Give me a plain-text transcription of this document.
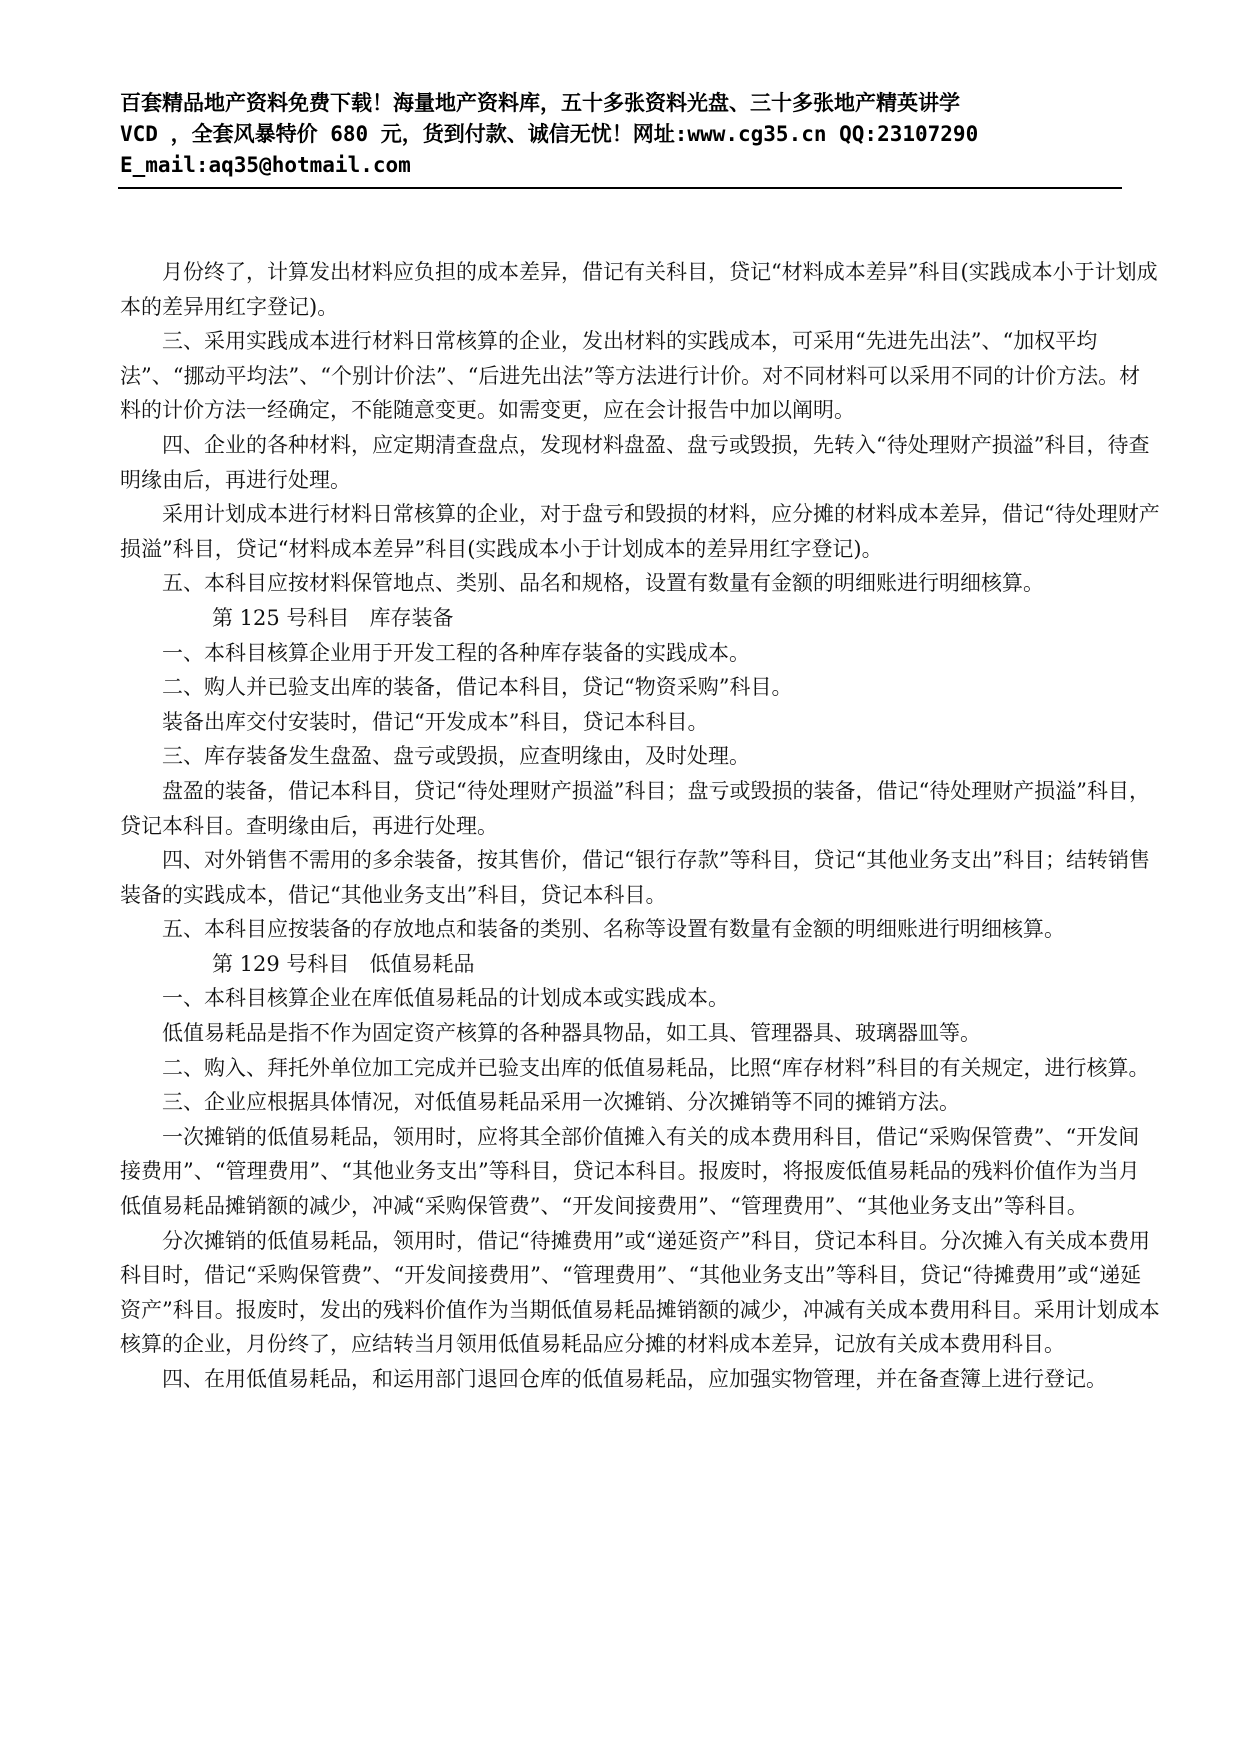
百套精品地产资料免费下载！海量地产资料库，五十多张资料光盘、三十多张地产精英讲学
VCD ，全套风暴特价 680 元，货到付款、诚信无忧！网址:www.cg35.cn QQ:23107290
E_mail:aq35@hotmail.com

月份终了，计算发出材料应负担的成本差异，借记有关科目，贷记“材料成本差异”科目(实践成本小于计划成本的差异用红字登记)。

三、采用实践成本进行材料日常核算的企业，发出材料的实践成本，可采用“先进先出法”、“加权平均法”、“挪动平均法”、“个别计价法”、“后进先出法”等方法进行计价。对不同材料可以采用不同的计价方法。材料的计价方法一经确定，不能随意变更。如需变更，应在会计报告中加以阐明。

四、企业的各种材料，应定期清查盘点，发现材料盘盈、盘亏或毁损，先转入“待处理财产损溢”科目，待查明缘由后，再进行处理。

采用计划成本进行材料日常核算的企业，对于盘亏和毁损的材料，应分摊的材料成本差异，借记“待处理财产损溢”科目，贷记“材料成本差异”科目(实践成本小于计划成本的差异用红字登记)。

五、本科目应按材料保管地点、类别、品名和规格，设置有数量有金额的明细账进行明细核算。

第 125 号科目   库存装备

一、本科目核算企业用于开发工程的各种库存装备的实践成本。

二、购人并已验支出库的装备，借记本科目，贷记“物资采购”科目。

装备出库交付安装时，借记“开发成本”科目，贷记本科目。

三、库存装备发生盘盈、盘亏或毁损，应查明缘由，及时处理。

盘盈的装备，借记本科目，贷记“待处理财产损溢”科目；盘亏或毁损的装备，借记“待处理财产损溢”科目，贷记本科目。查明缘由后，再进行处理。

四、对外销售不需用的多余装备，按其售价，借记“银行存款”等科目，贷记“其他业务支出”科目；结转销售装备的实践成本，借记“其他业务支出”科目，贷记本科目。

五、本科目应按装备的存放地点和装备的类别、名称等设置有数量有金额的明细账进行明细核算。

第 129 号科目   低值易耗品

一、本科目核算企业在库低值易耗品的计划成本或实践成本。

低值易耗品是指不作为固定资产核算的各种器具物品，如工具、管理器具、玻璃器皿等。

二、购入、拜托外单位加工完成并已验支出库的低值易耗品，比照“库存材料”科目的有关规定，进行核算。

三、企业应根据具体情况，对低值易耗品采用一次摊销、分次摊销等不同的摊销方法。

一次摊销的低值易耗品，领用时，应将其全部价值摊入有关的成本费用科目，借记“采购保管费”、“开发间接费用”、“管理费用”、“其他业务支出”等科目，贷记本科目。报废时，将报废低值易耗品的残料价值作为当月低值易耗品摊销额的减少，冲减“采购保管费”、“开发间接费用”、“管理费用”、“其他业务支出”等科目。

分次摊销的低值易耗品，领用时，借记“待摊费用”或“递延资产”科目，贷记本科目。分次摊入有关成本费用科目时，借记“采购保管费”、“开发间接费用”、“管理费用”、“其他业务支出”等科目，贷记“待摊费用”或“递延资产”科目。报废时，发出的残料价值作为当期低值易耗品摊销额的减少，冲减有关成本费用科目。采用计划成本核算的企业，月份终了，应结转当月领用低值易耗品应分摊的材料成本差异，记放有关成本费用科目。

四、在用低值易耗品，和运用部门退回仓库的低值易耗品，应加强实物管理，并在备查簿上进行登记。
